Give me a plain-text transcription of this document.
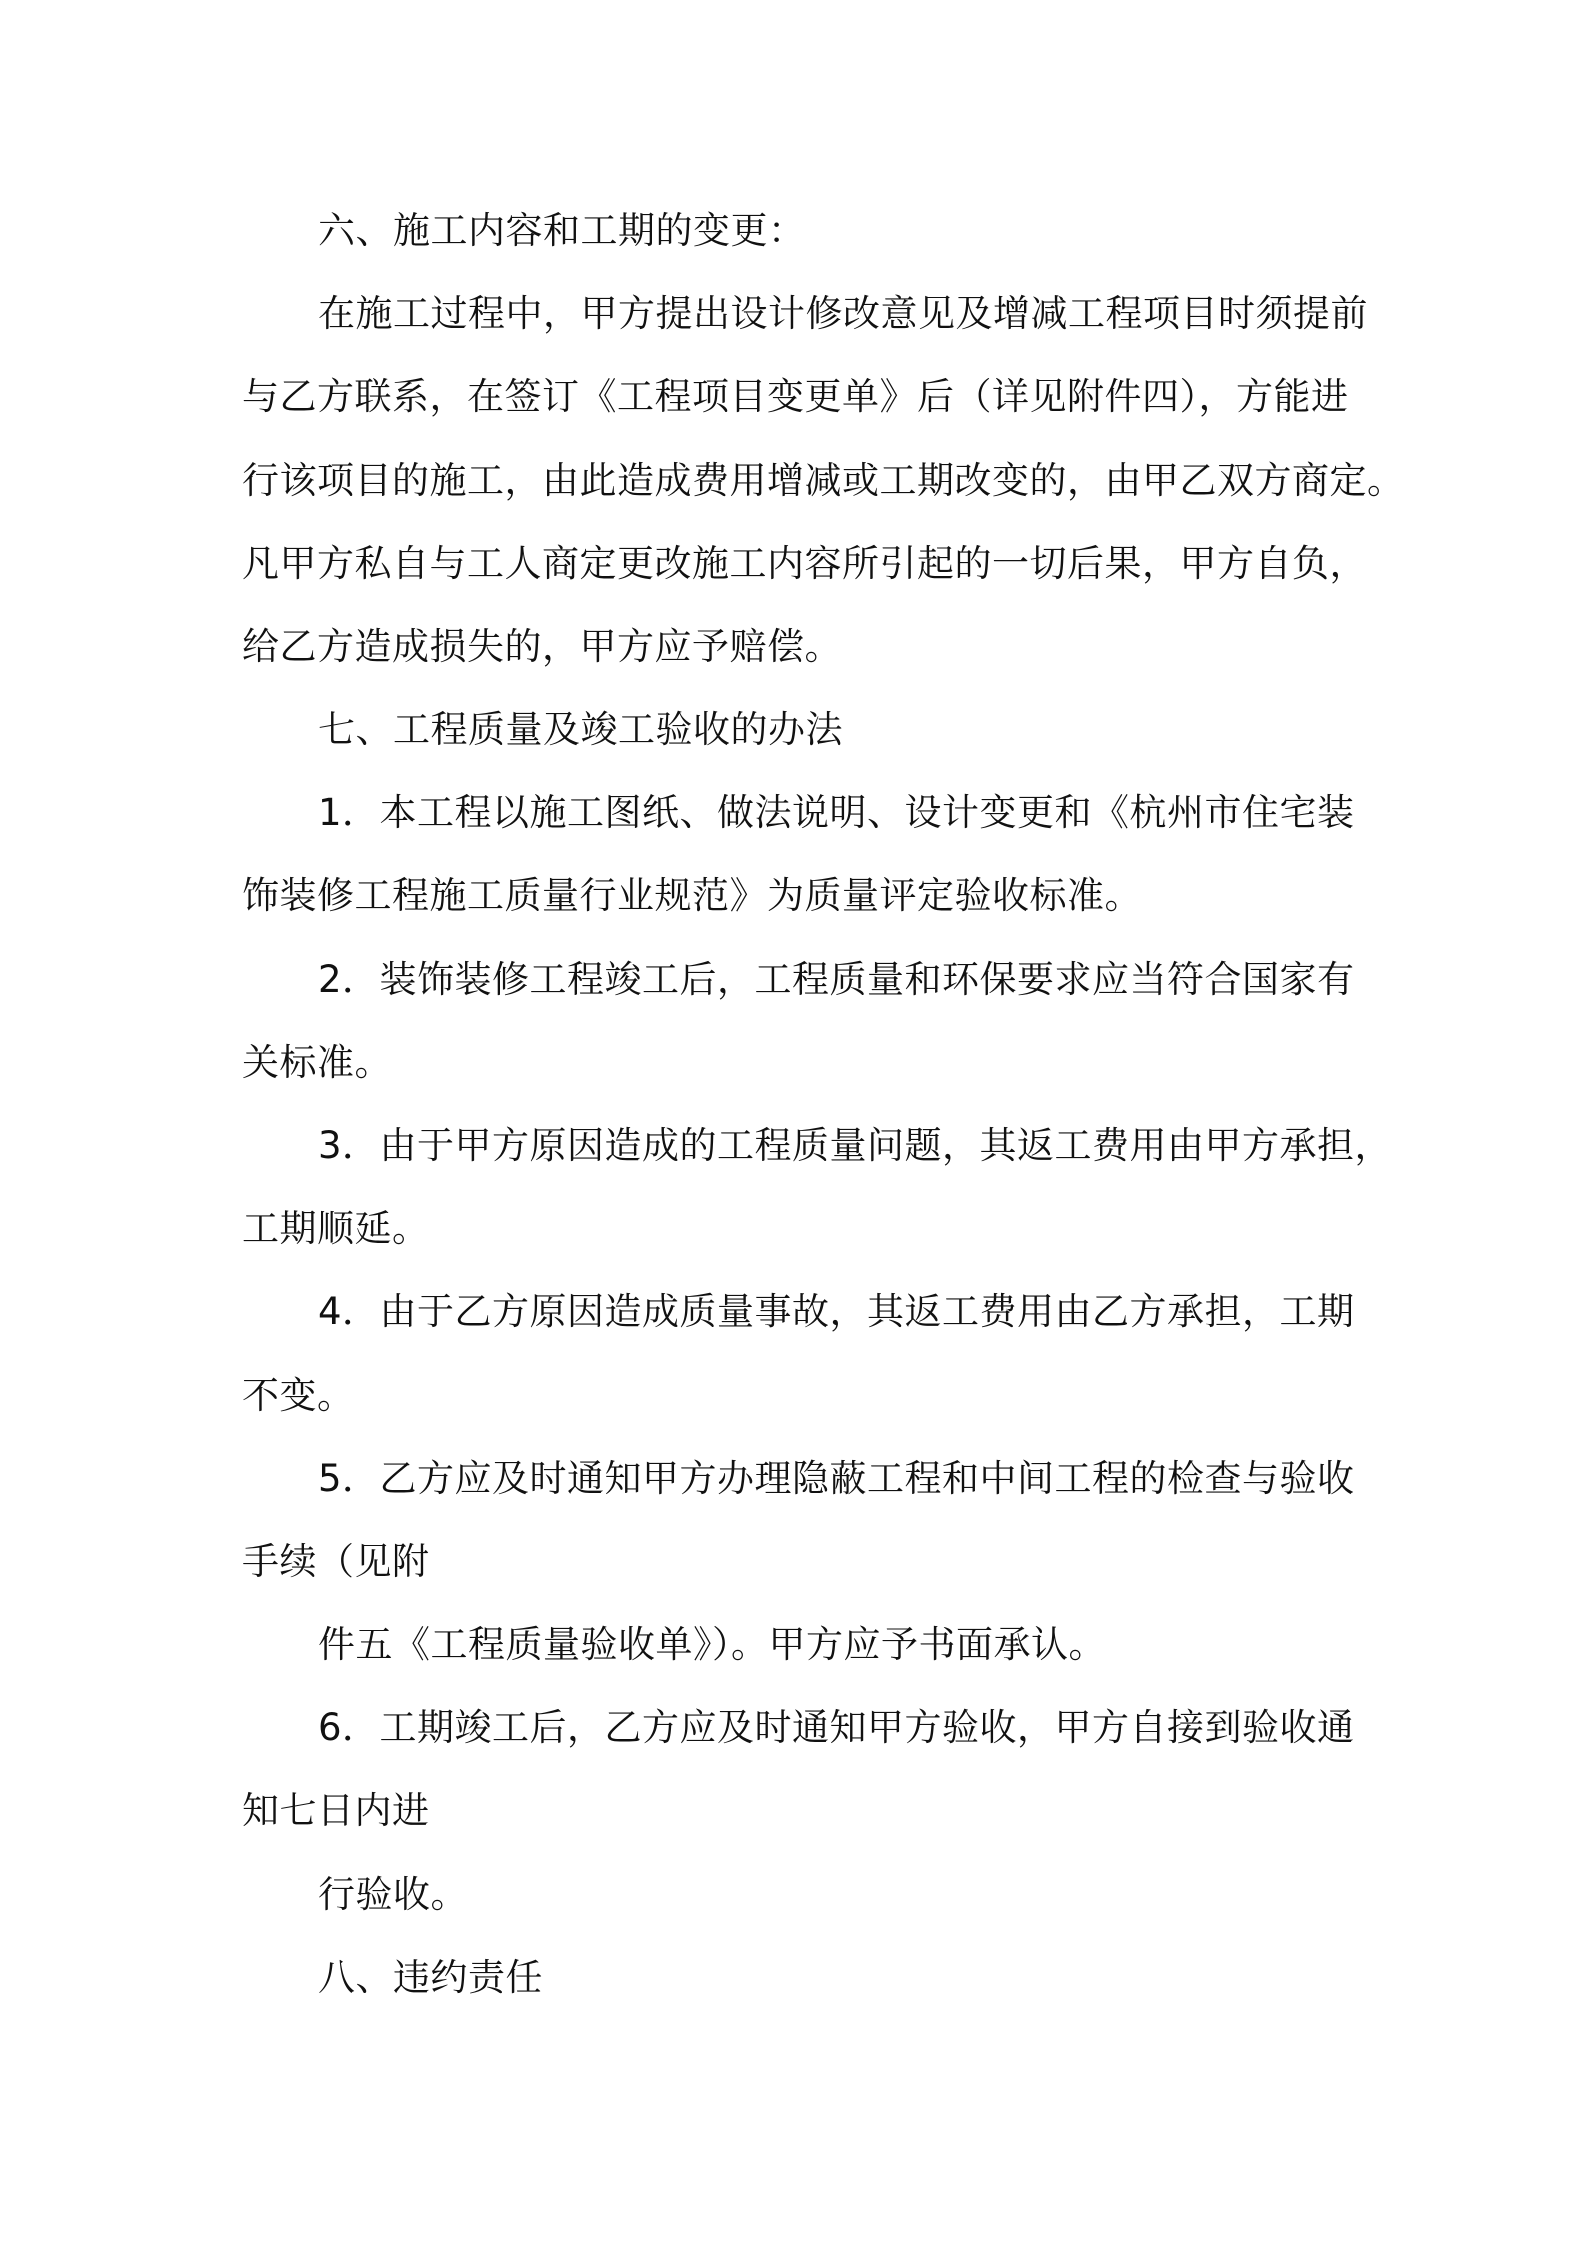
六、施工内容和工期的变更：
在施工过程中，甲方提出设计修改意见及增减工程项目时须提前
与乙方联系，在签订《工程项目变更单》后（详见附件四），方能进
行该项目的施工，由此造成费用增减或工期改变的，由甲乙双方商定。
凡甲方私自与工人商定更改施工内容所引起的一切后果，甲方自负，
给乙方造成损失的，甲方应予赔偿。
七、工程质量及竣工验收的办法
1．本工程以施工图纸、做法说明、设计变更和《杭州市住宅装
饰装修工程施工质量行业规范》为质量评定验收标准。
2．装饰装修工程竣工后，工程质量和环保要求应当符合国家有
关标准。
3．由于甲方原因造成的工程质量问题，其返工费用由甲方承担，
工期顺延。
4．由于乙方原因造成质量事故，其返工费用由乙方承担，工期
不变。
5．乙方应及时通知甲方办理隐蔽工程和中间工程的检查与验收
手续（见附
件五《工程质量验收单》）。甲方应予书面承认。
6．工期竣工后，乙方应及时通知甲方验收，甲方自接到验收通
知七日内进
行验收。
八、违约责任
